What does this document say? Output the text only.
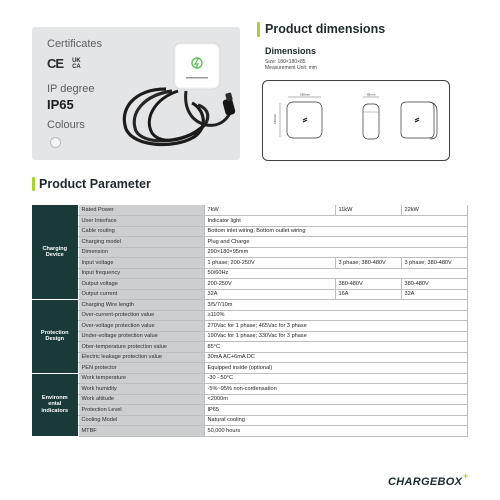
Certificates
CE UK
CA
IP degree
IP65
Colours
Product dimensions
Dimensions
Size: 180×180×85
Measurement Unit: mm
180mm
180mm
85mm
Product Parameter
Charging Device	Rated Power	7kW	11kW	22kW
	User Interface	Indicator light		
	Cable routing	Bottom inlet wiring, Bottom outlet wiring		
	Charging model	Plug and Charge		
	Dimension	290×180×95mm		
	Input voltage	1 phase; 200-250V	3 phase; 380-480V	3 phase; 380-480V
	Input frequency	50/60Hz		
	Output voltage	200-250V	380-480V	380-480V
	Output current	32A	16A	32A
Protection Design	Charging Wire length	3/5/7/10m		
	Over-current-protection value	≥110%		
	Over-voltage protection value	270Vac for 1 phase; 465Vac for 3 phase		
	Under-voltage protection value	190Vac for 1 phase; 330Vac for 3 phase		
	Ober-temperature protection value	85°C		
	Electric leakage protection value	30mA AC+6mA DC		
	PEN protector	Equipped inside (optional)		
Environm ental indicators	Work temperature	-30 - 50°C		
	Work humidity	-5%~95% non-cordensation		
	Work altitude	<2000m		
	Protection Level	IP65		
	Cooling Model	Natural cooling		
	MTBF	50,000 hours		
CHARGEBOX +
